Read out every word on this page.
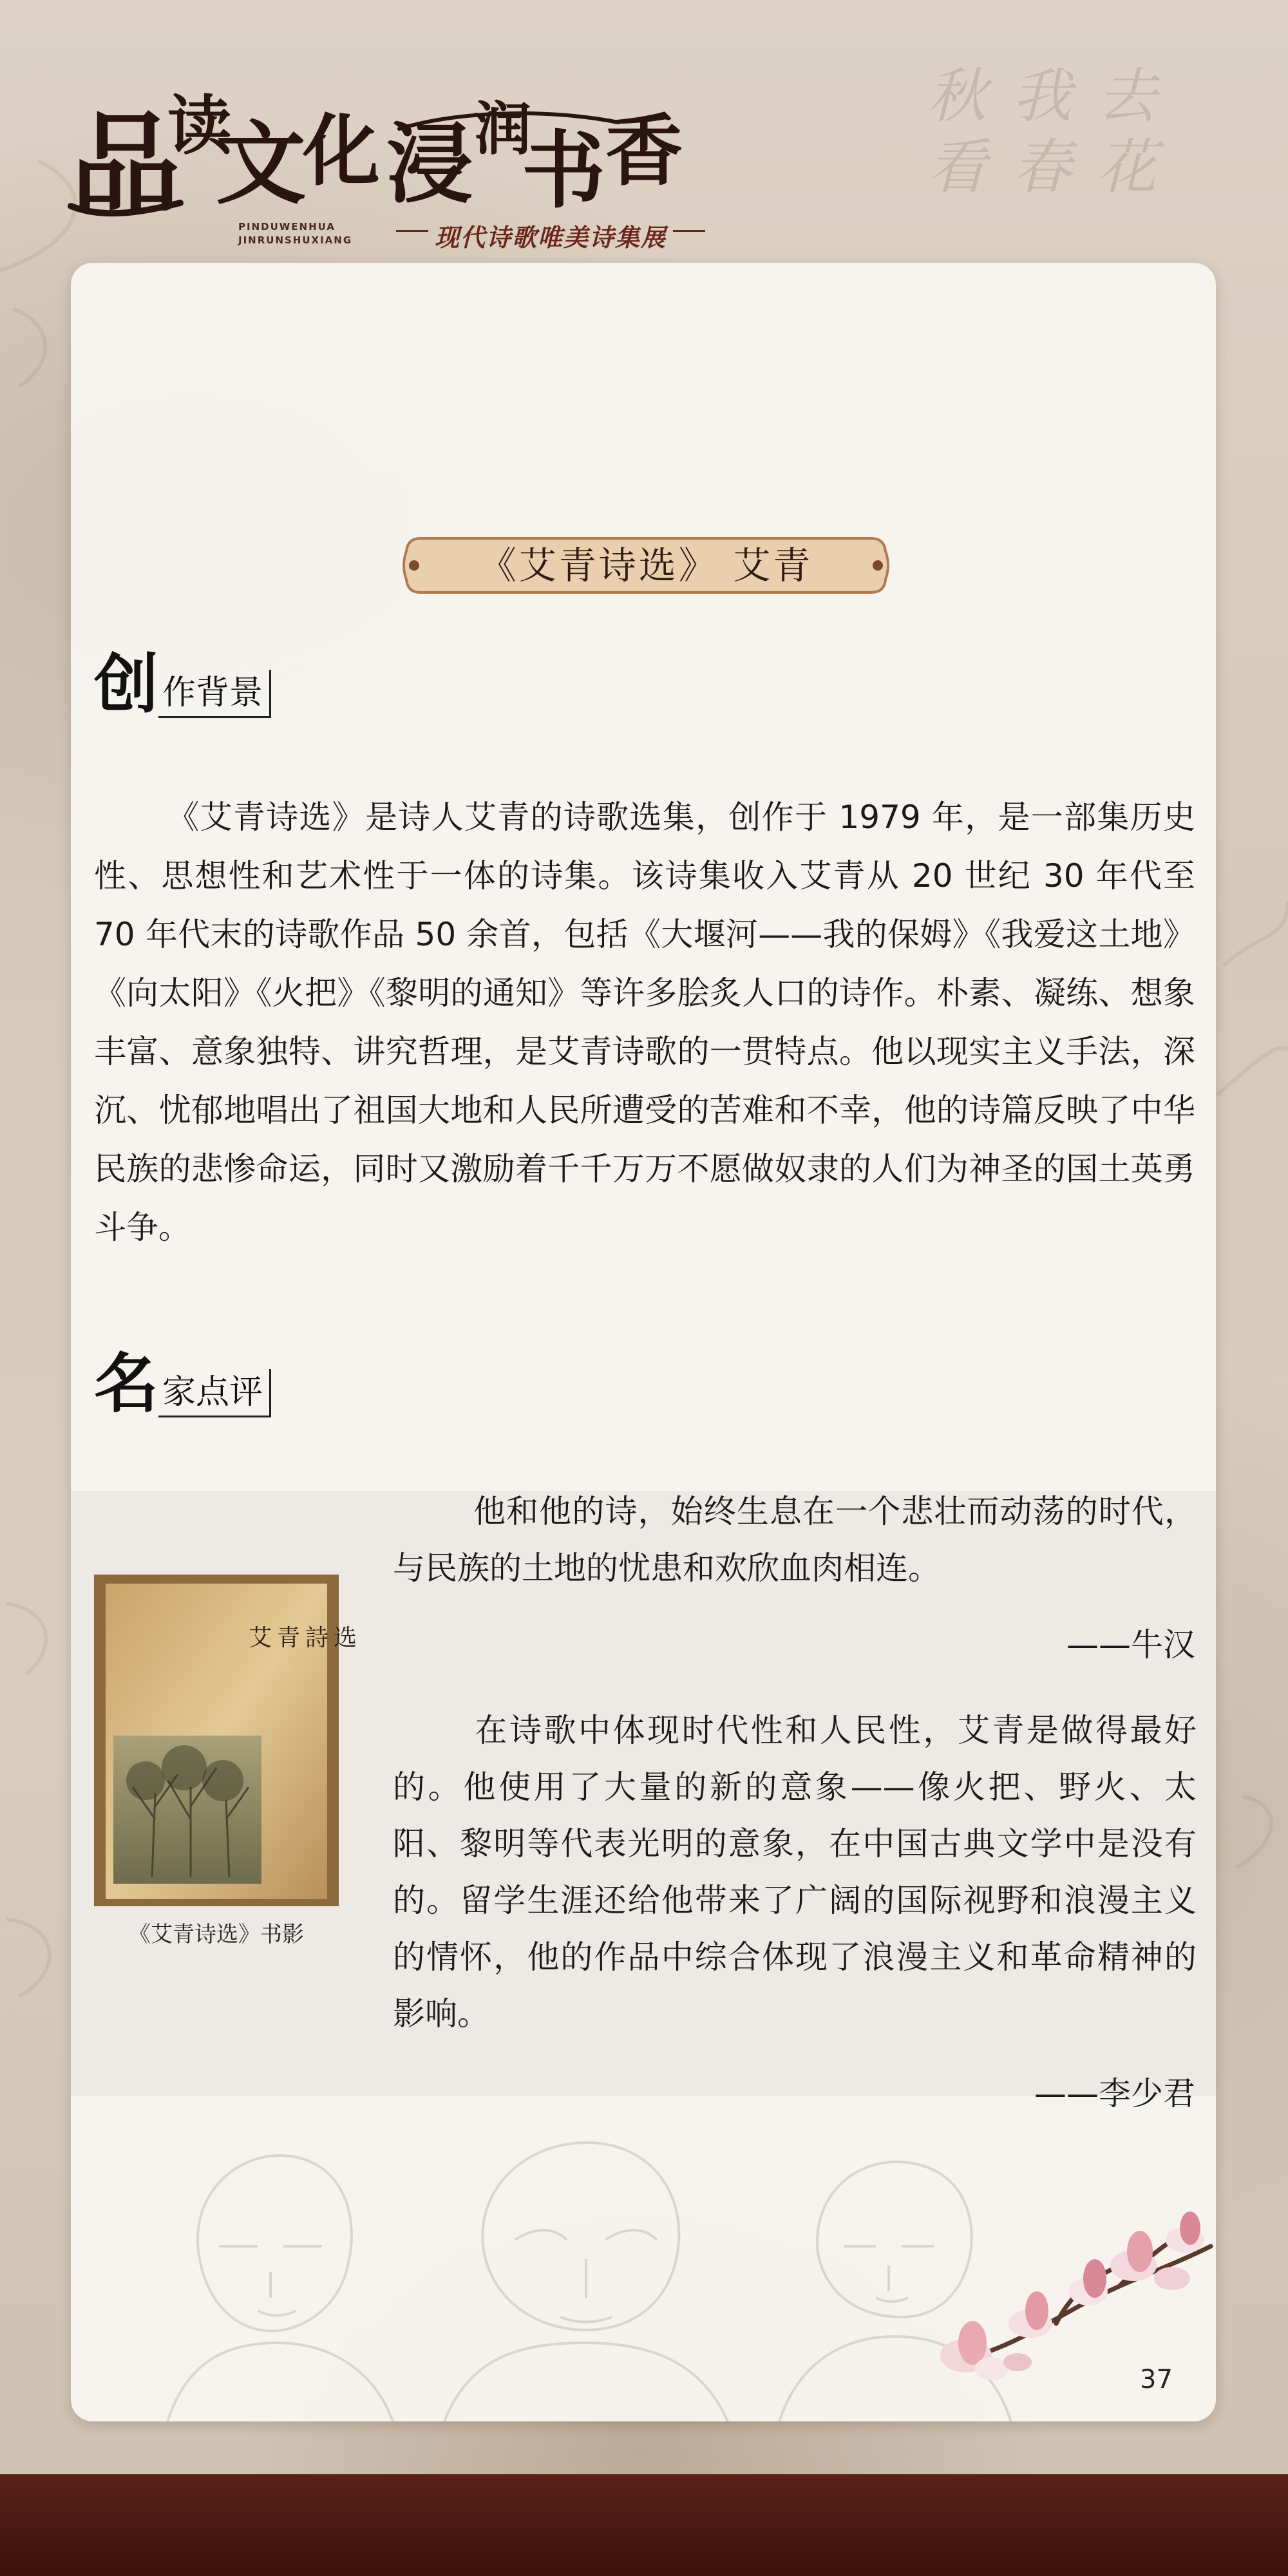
品
读
文
化 浸 润
书 香
PINDUWENHUA
JINRUNSHUXIANG	现代诗歌唯美诗集展
秋我去看春花
《艾青诗选》 艾青
创 作背景

《艾青诗选》是诗人艾青的诗歌选集，创作于 1979 年，是一部集历史性、思想性和艺术性于一体的诗集。该诗集收入艾青从 20 世纪 30 年代至 70 年代末的诗歌作品 50 余首，包括《大堰河——我的保姆》《我爱这土地》《向太阳》《火把》《黎明的通知》等许多脍炙人口的诗作。朴素、凝练、想象丰富、意象独特、讲究哲理，是艾青诗歌的一贯特点。他以现实主义手法，深沉、忧郁地唱出了祖国大地和人民所遭受的苦难和不幸，他的诗篇反映了中华民族的悲惨命运，同时又激励着千千万万不愿做奴隶的人们为神圣的国土英勇斗争。

名 家点评
艾青詩选
《艾青诗选》书影

他和他的诗，始终生息在一个悲壮而动荡的时代，与民族的土地的忧患和欢欣血肉相连。

——牛汉

在诗歌中体现时代性和人民性，艾青是做得最好的。他使用了大量的新的意象——像火把、野火、太阳、黎明等代表光明的意象，在中国古典文学中是没有的。留学生涯还给他带来了广阔的国际视野和浪漫主义的情怀，他的作品中综合体现了浪漫主义和革命精神的影响。

——李少君
37
